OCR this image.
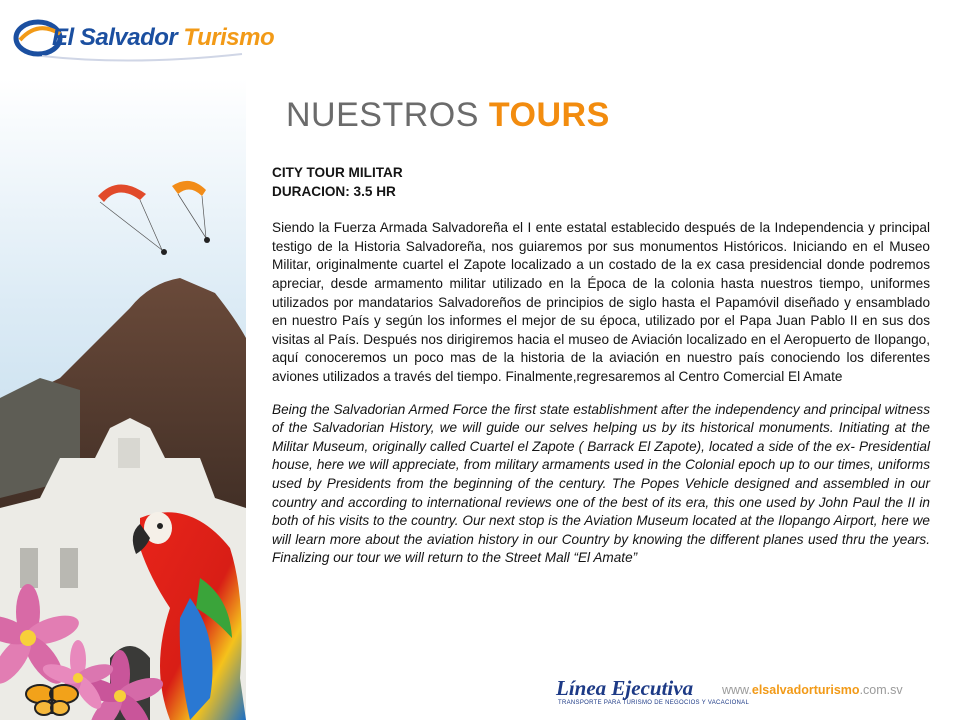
El Salvador Turismo
NUESTROS TOURS
CITY TOUR MILITAR
DURACION: 3.5 HR

Siendo la Fuerza Armada Salvadoreña el I ente estatal establecido después de la Independencia y principal testigo de la Historia Salvadoreña, nos guiaremos por sus monumentos Históricos. Iniciando en el Museo Militar, originalmente cuartel el Zapote localizado a un costado de la ex casa presidencial donde podremos apreciar, desde armamento militar utilizado en la Época de la colonia hasta nuestros tiempo, uniformes utilizados por mandatarios Salvadoreños de principios de siglo hasta el Papamóvil diseñado y ensamblado en nuestro País y según los informes el mejor de su época, utilizado por el Papa Juan Pablo II en sus dos visitas al País. Después nos dirigiremos hacia el museo de Aviación localizado en el Aeropuerto de Ilopango, aquí conoceremos un poco mas de la historia de la aviación en nuestro país conociendo los diferentes aviones utilizados a través del tiempo. Finalmente,regresaremos al Centro Comercial El Amate

Being the Salvadorian Armed Force the first state establishment after the independency and principal witness of the Salvadorian History, we will guide our selves helping us by its historical monuments. Initiating at the Militar Museum, originally called Cuartel el Zapote ( Barrack El Zapote), located a side of the ex- Presidential house, here we will appreciate, from military armaments used in the Colonial epoch up to our times, uniforms used by Presidents from the beginning of the century. The Popes Vehicle designed and assembled in our country and according to international reviews one of the best of its era, this one used by John Paul the II in both of his visits to the country. Our next stop is the Aviation Museum located at the Ilopango Airport, here we will learn more about the aviation history in our Country by knowing the different planes used thru the years. Finalizing our tour we will return to the Street Mall “El Amate”

Línea Ejecutiva
TRANSPORTE PARA TURISMO DE NEGOCIOS Y VACACIONAL
www.elsalvadorturismo.com.sv
